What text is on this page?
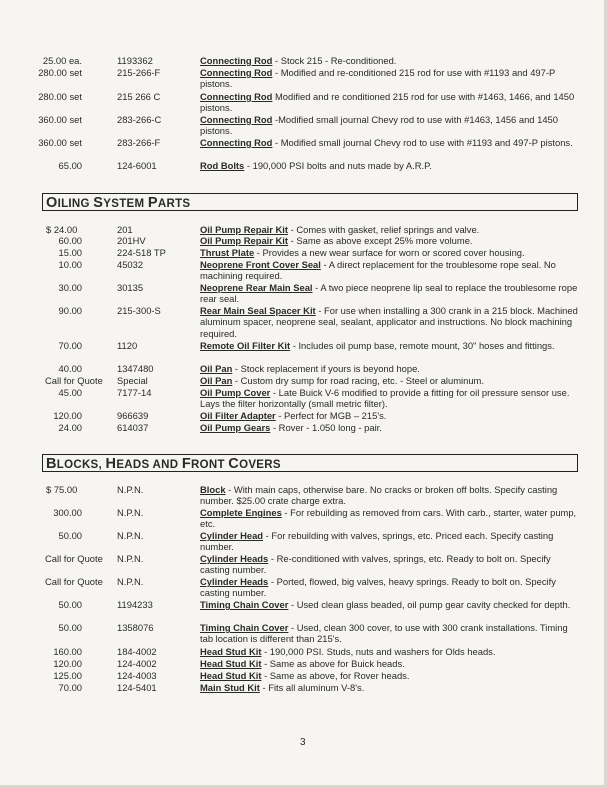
25.00 ea.	1193362	Connecting Rod - Stock 215 - Re-conditioned.
280.00 set	215-266-F	Connecting Rod - Modified and re-conditioned 215 rod for use with #1193 and 497-P pistons.
280.00 set	215 266 C	Connecting Rod Modified and re conditioned 215 rod for use with #1463, 1466, and 1450 pistons.
360.00 set	283-266-C	Connecting Rod -Modified small journal Chevy rod to use with #1463, 1456 and 1450 pistons.
360.00 set	283-266-F	Connecting Rod - Modified small journal Chevy rod to use with #1193 and 497-P pistons.
65.00	124-6001	Rod Bolts - 190,000 PSI bolts and nuts made by A.R.P.
OILING SYSTEM PARTS
$ 24.00	201	Oil Pump Repair Kit - Comes with gasket, relief springs and valve.
60.00	201HV	Oil Pump Repair Kit - Same as above except 25% more volume.
15.00	224-518 TP	Thrust Plate - Provides a new wear surface for worn or scored cover housing.
10.00	45032	Neoprene Front Cover Seal - A direct replacement for the troublesome rope seal. No machining required.
30.00	30135	Neoprene Rear Main Seal - A two piece neoprene lip seal to replace the troublesome rope rear seal.
90.00	215-300-S	Rear Main Seal Spacer Kit - For use when installing a 300 crank in a 215 block. Machined aluminum spacer, neoprene seal, sealant, applicator and instructions. No block machining required.
70.00	1120	Remote Oil Filter Kit - Includes oil pump base, remote mount, 30" hoses and fittings.
40.00	1347480	Oil Pan - Stock replacement if yours is beyond hope.
Call for Quote	Special	Oil Pan - Custom dry sump for road racing, etc. - Steel or aluminum.
45.00	7177-14	Oil Pump Cover - Late Buick V-6 modified to provide a fitting for oil pressure sensor use. Lays the filter horizontally (small metric filter).
120.00	966639	Oil Filter Adapter - Perfect for MGB – 215's.
24.00	614037	Oil Pump Gears - Rover - 1.050 long - pair.
BLOCKS, HEADS AND FRONT COVERS
$ 75.00	N.P.N.	Block - With main caps, otherwise bare. No cracks or broken off bolts. Specify casting number. $25.00 crate charge extra.
300.00	N.P.N.	Complete Engines - For rebuilding as removed from cars. With carb., starter, water pump, etc.
50.00	N.P.N.	Cylinder Head - For rebuilding with valves, springs, etc. Priced each. Specify casting number.
Call for Quote	N.P.N.	Cylinder Heads - Re-conditioned with valves, springs, etc. Ready to bolt on. Specify casting number.
Call for Quote	N.P.N.	Cylinder Heads - Ported, flowed, big valves, heavy springs. Ready to bolt on. Specify casting number.
50.00	1194233	Timing Chain Cover - Used clean glass beaded, oil pump gear cavity checked for depth.
50.00	1358076	Timing Chain Cover - Used, clean 300 cover, to use with 300 crank installations. Timing tab location is different than 215's.
160.00	184-4002	Head Stud Kit - 190,000 PSI. Studs, nuts and washers for Olds heads.
120.00	124-4002	Head Stud Kit - Same as above for Buick heads.
125.00	124-4003	Head Stud Kit - Same as above, for Rover heads.
70.00	124-5401	Main Stud Kit - Fits all aluminum V-8's.
3
